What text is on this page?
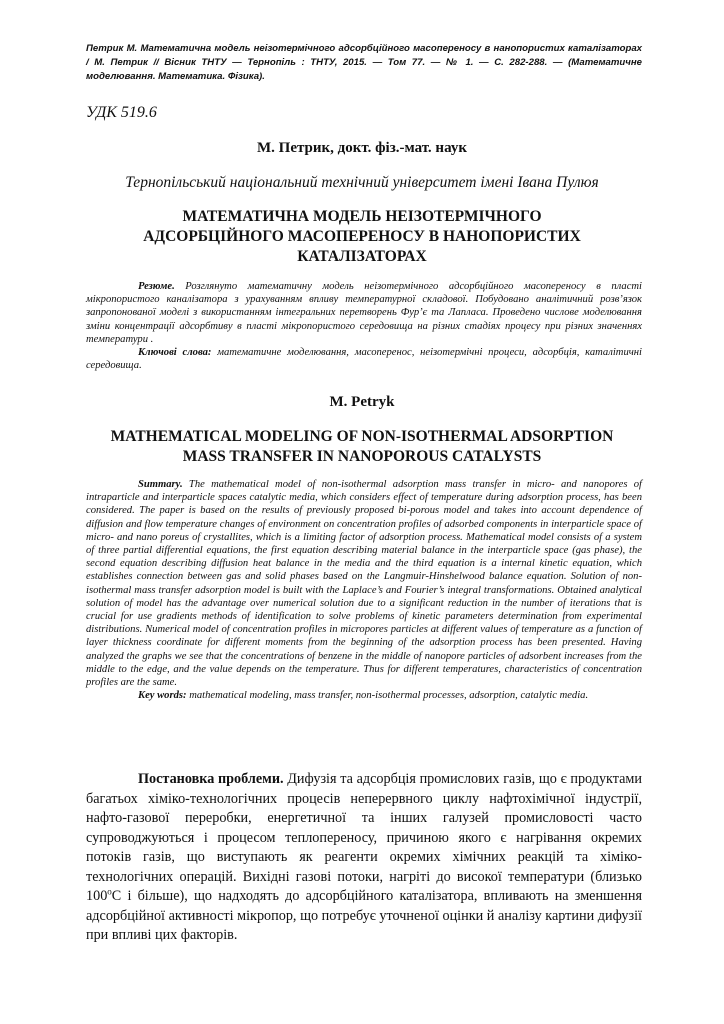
Петрик М. Математична модель неізотермічного адсорбційного масопереносу в нанопористих каталізаторах / М. Петрик // Вісник ТНТУ — Тернопіль : ТНТУ, 2015. — Том 77. — № 1. — С. 282-288. — (Математичне моделювання. Математика. Фізика).
УДК 519.6
М. Петрик, докт. фіз.-мат. наук
Тернопільський національний технічний університет імені Івана Пулюя
МАТЕМАТИЧНА МОДЕЛЬ НЕІЗОТЕРМІЧНОГО АДСОРБЦІЙНОГО МАСОПЕРЕНОСУ В НАНОПОРИСТИХ КАТАЛІЗАТОРАХ

Резюме. Розглянуто математичну модель неізотермічного адсорбційного масопереносу в пласті мікропористого каналізатора з урахуванням впливу температурної складової. Побудовано аналітичний розв’язок запропонованої моделі з використанням інтегральних перетворень Фур’є та Лапласа. Проведено числове моделювання зміни концентрації адсорбтиву в пласті мікропористого середовища на різних стадіях процесу при різних значеннях температури .

Ключові слова: математичне моделювання, масоперенос, неізотермічні процеси, адсорбція, каталітичні середовища.

M. Petryk
MATHEMATICAL MODELING OF NON-ISOTHERMAL ADSORPTION MASS TRANSFER IN NANOPOROUS CATALYSTS

Summary. The mathematical model of non-isothermal adsorption mass transfer in micro- and nanopores of intraparticle and interparticle spaces catalytic media, which considers effect of temperature during adsorption process, has been considered. The paper is based on the results of previously proposed bi-porous model and takes into account dependence of diffusion and flow temperature changes of environment on concentration profiles of adsorbed components in interparticle space of micro- and nano poreus of crystallites, which is a limiting factor of adsorption process. Mathematical model consists of a system of three partial differential equations, the first equation describing material balance in the interparticle space (gas phase), the second equation describing diffusion heat balance in the media and the third equation is a internal kinetic equation, which establishes connection between gas and solid phases based on the Langmuir-Hinshelwood balance equation. Solution of non-isothermal mass transfer adsorption model is built with the Laplace’s and Fourier’s integral transformations. Obtained analytical solution of model has the advantage over numerical solution due to a significant reduction in the number of iterations that is crucial for use gradients methods of identification to solve problems of kinetic parameters determination from experimental distributions. Numerical model of concentration profiles in micropores particles at different values of temperature as a function of layer thickness coordinate for different moments from the beginning of the adsorption process has been presented. Having analyzed the graphs we see that the concentrations of benzene in the middle of nanopore particles of adsorbent increases from the middle to the edge, and the value depends on the temperature. Thus for different temperatures, characteristics of concentration profiles are the same.

Key words: mathematical modeling, mass transfer, non-isothermal processes, adsorption, catalytic media.

Постановка проблеми. Дифузія та адсорбція промислових газів, що є продуктами багатьох хіміко-технологічних процесів неперервного циклу нафтохімічної індустрії, нафто-газової переробки, енергетичної та інших галузей промисловості часто супроводжуються і процесом теплопереносу, причиною якого є нагрівання окремих потоків газів, що виступають як реагенти окремих хімічних реакцій та хіміко-технологічних операцій. Вихідні газові потоки, нагріті до високої температури (близько 100$^o$С і більше), що надходять до адсорбційного каталізатора, впливають на зменшення адсорбційної активності мікропор, що потребує уточненої оцінки й аналізу картини дифузії при впливі цих факторів.
